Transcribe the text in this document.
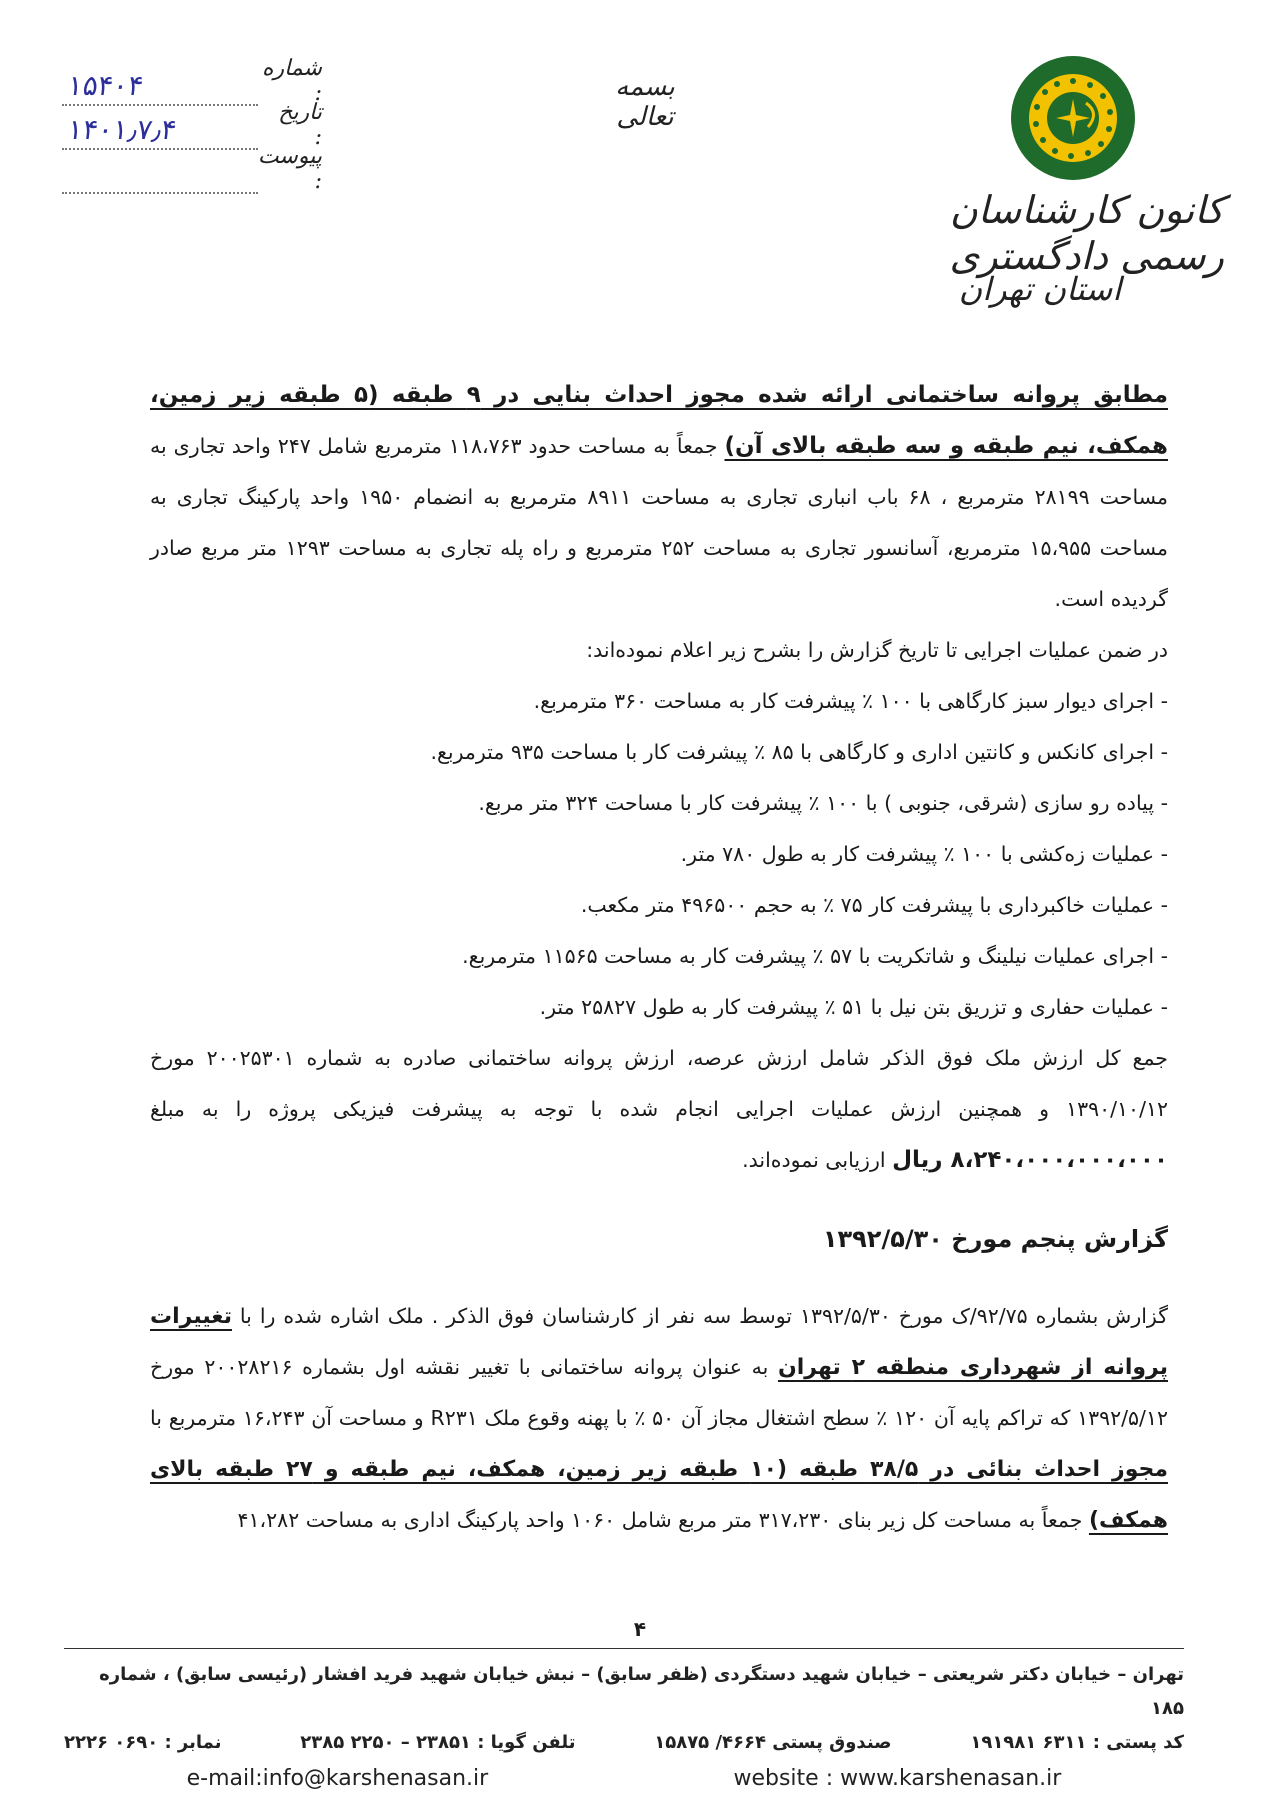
شماره :
۱۵۴۰۴
تاریخ :
۱۴۰۱٫۷٫۴
پیوست :
بسمه تعالی
کانون کارشناسان رسمی دادگستری
استان تهران

مطابق پروانه ساختمانی ارائه شده مجوز احداث بنایی در ۹ طبقه (۵ طبقه زیر زمین، همکف، نیم طبقه و سه طبقه بالای آن) جمعاً به مساحت حدود ۱۱۸،۷۶۳ مترمربع شامل ۲۴۷ واحد تجاری به مساحت ۲۸۱۹۹ مترمربع ، ۶۸ باب انباری تجاری به مساحت ۸۹۱۱ مترمربع به انضمام ۱۹۵۰ واحد پارکینگ تجاری به مساحت ۱۵،۹۵۵ مترمربع، آسانسور تجاری به مساحت ۲۵۲ مترمربع و راه پله تجاری به مساحت ۱۲۹۳ متر مربع صادر گردیده است.

در ضمن عملیات اجرایی تا تاریخ گزارش را بشرح زیر اعلام نموده‌اند:

- اجرای دیوار سبز کارگاهی با ۱۰۰ ٪ پیشرفت کار به مساحت ۳۶۰ مترمربع.
- اجرای کانکس و کانتین اداری و کارگاهی با ۸۵ ٪ پیشرفت کار با مساحت ۹۳۵ مترمربع.
- پیاده رو سازی (شرقی، جنوبی ) با ۱۰۰ ٪ پیشرفت کار با مساحت ۳۲۴ متر مربع.
- عملیات زه‌کشی با ۱۰۰ ٪ پیشرفت کار به طول ۷۸۰ متر.
- عملیات خاکبرداری با پیشرفت کار ۷۵ ٪ به حجم ۴۹۶۵۰۰ متر مکعب.
- اجرای عملیات نیلینگ و شاتکریت با ۵۷ ٪ پیشرفت کار به مساحت ۱۱۵۶۵ مترمربع.
- عملیات حفاری و تزریق بتن نیل با ۵۱ ٪ پیشرفت کار به طول ۲۵۸۲۷ متر.

جمع کل ارزش ملک فوق الذکر شامل ارزش عرصه، ارزش پروانه ساختمانی صادره به شماره ۲۰۰۲۵۳۰۱ مورخ ۱۳۹۰/۱۰/۱۲ و همچنین ارزش عملیات اجرایی انجام شده با توجه به پیشرفت فیزیکی پروژه را به مبلغ ۸،۲۴۰،۰۰۰،۰۰۰،۰۰۰ ریال ارزیابی نموده‌اند.

گزارش پنجم مورخ ۱۳۹۲/۵/۳۰

گزارش بشماره ۹۲/۷۵/ک مورخ ۱۳۹۲/۵/۳۰ توسط سه نفر از کارشناسان فوق الذکر . ملک اشاره شده را با تغییرات پروانه از شهرداری منطقه ۲ تهران به عنوان پروانه ساختمانی با تغییر نقشه اول بشماره ۲۰۰۲۸۲۱۶ مورخ ۱۳۹۲/۵/۱۲ که تراکم پایه آن ۱۲۰ ٪ سطح اشتغال مجاز آن ۵۰ ٪ با پهنه وقوع ملک R۲۳۱ و مساحت آن ۱۶،۲۴۳ مترمربع با مجوز احداث بنائی در ۳۸/۵ طبقه (۱۰ طبقه زیر زمین، همکف، نیم طبقه و ۲۷ طبقه بالای همکف) جمعاً به مساحت کل زیر بنای ۳۱۷،۲۳۰ متر مربع شامل ۱۰۶۰ واحد پارکینگ اداری به مساحت ۴۱،۲۸۲

۴
تهران – خیابان دکتر شریعتی – خیابان شهید دستگردی (ظفر سابق) – نبش خیابان شهید فرید افشار (رئیسی سابق) ، شماره ۱۸۵
کد پستی : ۶۳۱۱ ۱۹۱۹۸۱
صندوق پستی ۴۶۶۴/ ۱۵۸۷۵
تلفن گویا : ۲۳۸۵۱ – ۲۲۵۰ ۲۳۸۵
نمابر : ۰۶۹۰ ۲۲۲۶
e-mail:info@karshenasan.ir	website : www.karshenasan.ir
